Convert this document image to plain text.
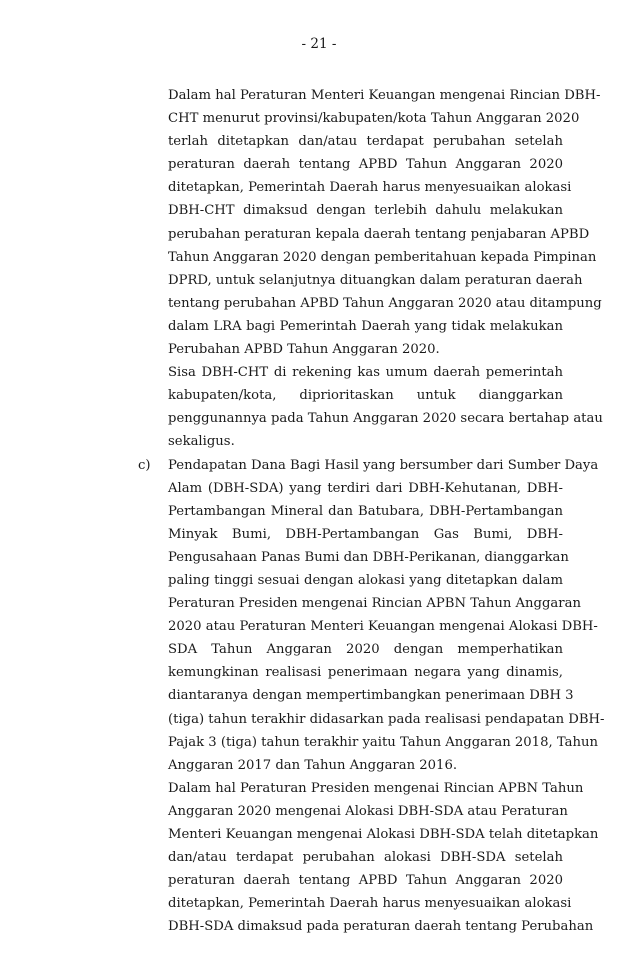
- 21 -
Dalam hal Peraturan Menteri Keuangan mengenai Rincian DBH-
CHT menurut provinsi/kabupaten/kota Tahun Anggaran 2020
terlah ditetapkan dan/atau terdapat perubahan setelah
peraturan daerah tentang APBD Tahun Anggaran 2020
ditetapkan, Pemerintah Daerah harus menyesuaikan alokasi
DBH-CHT dimaksud dengan terlebih dahulu melakukan
perubahan peraturan kepala daerah tentang penjabaran APBD
Tahun Anggaran 2020 dengan pemberitahuan kepada Pimpinan
DPRD, untuk selanjutnya dituangkan dalam peraturan daerah
tentang perubahan APBD Tahun Anggaran 2020 atau ditampung
dalam LRA bagi Pemerintah Daerah yang tidak melakukan
Perubahan APBD Tahun Anggaran 2020.
Sisa DBH-CHT di rekening kas umum daerah pemerintah
kabupaten/kota, diprioritaskan untuk dianggarkan
penggunannya pada Tahun Anggaran 2020 secara bertahap atau
sekaligus.
c) Pendapatan Dana Bagi Hasil yang bersumber dari Sumber Daya
Alam (DBH-SDA) yang terdiri dari DBH-Kehutanan, DBH-
Pertambangan Mineral dan Batubara, DBH-Pertambangan
Minyak Bumi, DBH-Pertambangan Gas Bumi, DBH-
Pengusahaan Panas Bumi dan DBH-Perikanan, dianggarkan
paling tinggi sesuai dengan alokasi yang ditetapkan dalam
Peraturan Presiden mengenai Rincian APBN Tahun Anggaran
2020 atau Peraturan Menteri Keuangan mengenai Alokasi DBH-
SDA Tahun Anggaran 2020 dengan memperhatikan
kemungkinan realisasi penerimaan negara yang dinamis,
diantaranya dengan mempertimbangkan penerimaan DBH 3
(tiga) tahun terakhir didasarkan pada realisasi pendapatan DBH-
Pajak 3 (tiga) tahun terakhir yaitu Tahun Anggaran 2018, Tahun
Anggaran 2017 dan Tahun Anggaran 2016.
Dalam hal Peraturan Presiden mengenai Rincian APBN Tahun
Anggaran 2020 mengenai Alokasi DBH-SDA atau Peraturan
Menteri Keuangan mengenai Alokasi DBH-SDA telah ditetapkan
dan/atau terdapat perubahan alokasi DBH-SDA setelah
peraturan daerah tentang APBD Tahun Anggaran 2020
ditetapkan, Pemerintah Daerah harus menyesuaikan alokasi
DBH-SDA dimaksud pada peraturan daerah tentang Perubahan
